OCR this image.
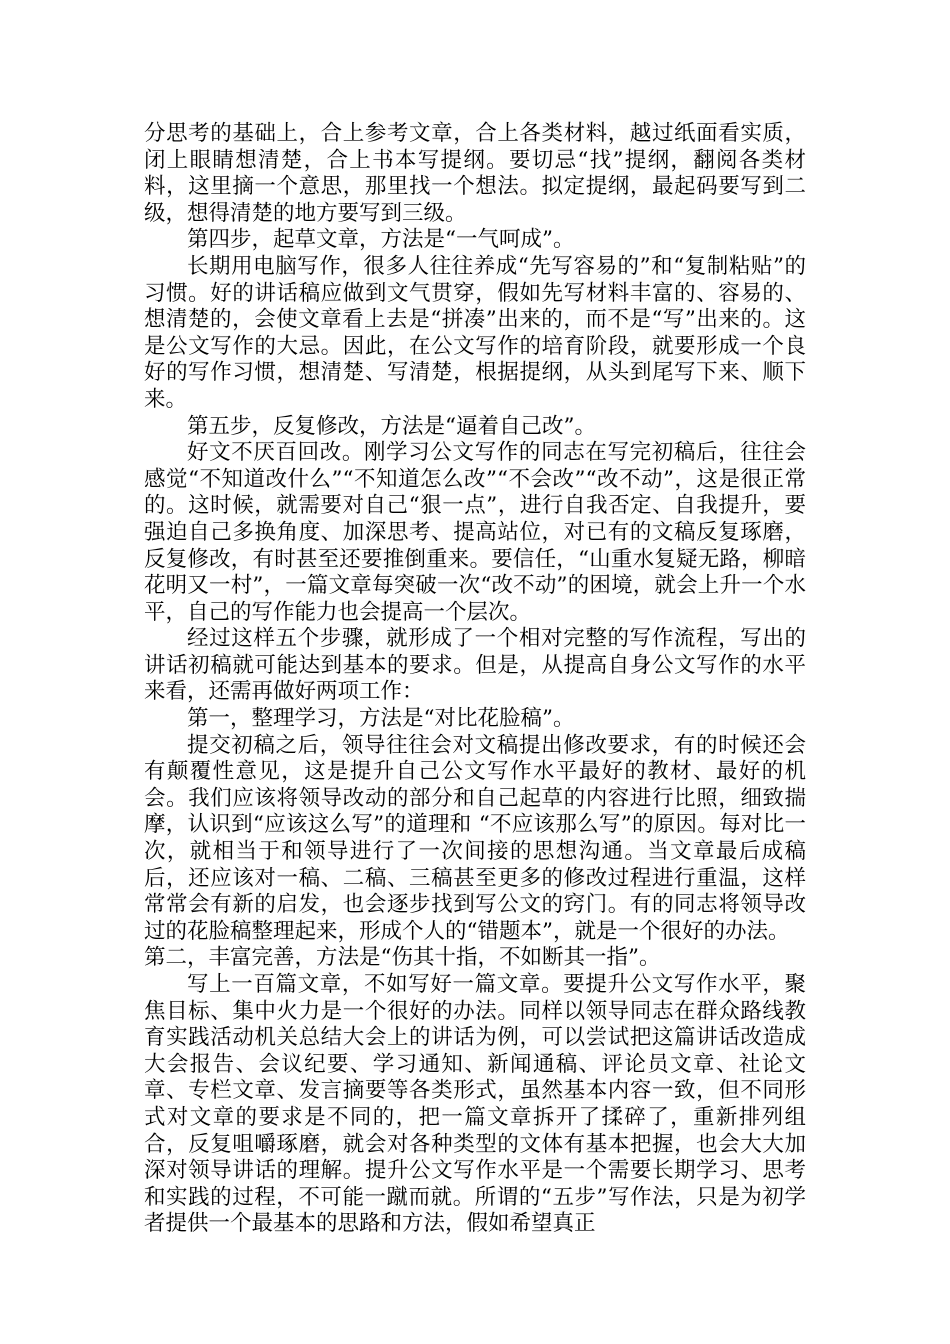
分思考的基础上，合上参考文章，合上各类材料，越过纸面看实质，闭上眼睛想清楚，合上书本写提纲。要切忌“找”提纲，翻阅各类材料，这里摘一个意思，那里找一个想法。拟定提纲，最起码要写到二级，想得清楚的地方要写到三级。

第四步，起草文章，方法是“一气呵成”。

长期用电脑写作，很多人往往养成“先写容易的”和“复制粘贴”的习惯。好的讲话稿应做到文气贯穿，假如先写材料丰富的、容易的、想清楚的，会使文章看上去是“拼凑”出来的，而不是“写”出来的。这是公文写作的大忌。因此，在公文写作的培育阶段，就要形成一个良好的写作习惯，想清楚、写清楚，根据提纲，从头到尾写下来、顺下来。

第五步，反复修改，方法是“逼着自己改”。

好文不厌百回改。刚学习公文写作的同志在写完初稿后，往往会感觉“不知道改什么”“不知道怎么改”“不会改”“改不动”，这是很正常的。这时候，就需要对自己“狠一点”，进行自我否定、自我提升，要强迫自己多换角度、加深思考、提高站位，对已有的文稿反复琢磨，反复修改，有时甚至还要推倒重来。要信任，“山重水复疑无路，柳暗花明又一村”，一篇文章每突破一次“改不动”的困境，就会上升一个水平，自己的写作能力也会提高一个层次。

经过这样五个步骤，就形成了一个相对完整的写作流程，写出的讲话初稿就可能达到基本的要求。但是，从提高自身公文写作的水平来看，还需再做好两项工作：

第一，整理学习，方法是“对比花脸稿”。

提交初稿之后，领导往往会对文稿提出修改要求，有的时候还会有颠覆性意见，这是提升自己公文写作水平最好的教材、最好的机会。我们应该将领导改动的部分和自己起草的内容进行比照，细致揣摩，认识到“应该这么写”的道理和 “不应该那么写”的原因。每对比一次，就相当于和领导进行了一次间接的思想沟通。当文章最后成稿后，还应该对一稿、二稿、三稿甚至更多的修改过程进行重温，这样常常会有新的启发，也会逐步找到写公文的窍门。有的同志将领导改过的花脸稿整理起来，形成个人的“错题本”，就是一个很好的办法。

第二，丰富完善，方法是“伤其十指，不如断其一指”。

写上一百篇文章，不如写好一篇文章。要提升公文写作水平，聚焦目标、集中火力是一个很好的办法。同样以领导同志在群众路线教育实践活动机关总结大会上的讲话为例，可以尝试把这篇讲话改造成大会报告、会议纪要、学习通知、新闻通稿、评论员文章、社论文章、专栏文章、发言摘要等各类形式，虽然基本内容一致，但不同形式对文章的要求是不同的，把一篇文章拆开了揉碎了，重新排列组合，反复咀嚼琢磨，就会对各种类型的文体有基本把握，也会大大加深对领导讲话的理解。提升公文写作水平是一个需要长期学习、思考和实践的过程，不可能一蹴而就。所谓的“五步”写作法，只是为初学者提供一个最基本的思路和方法，假如希望真正
